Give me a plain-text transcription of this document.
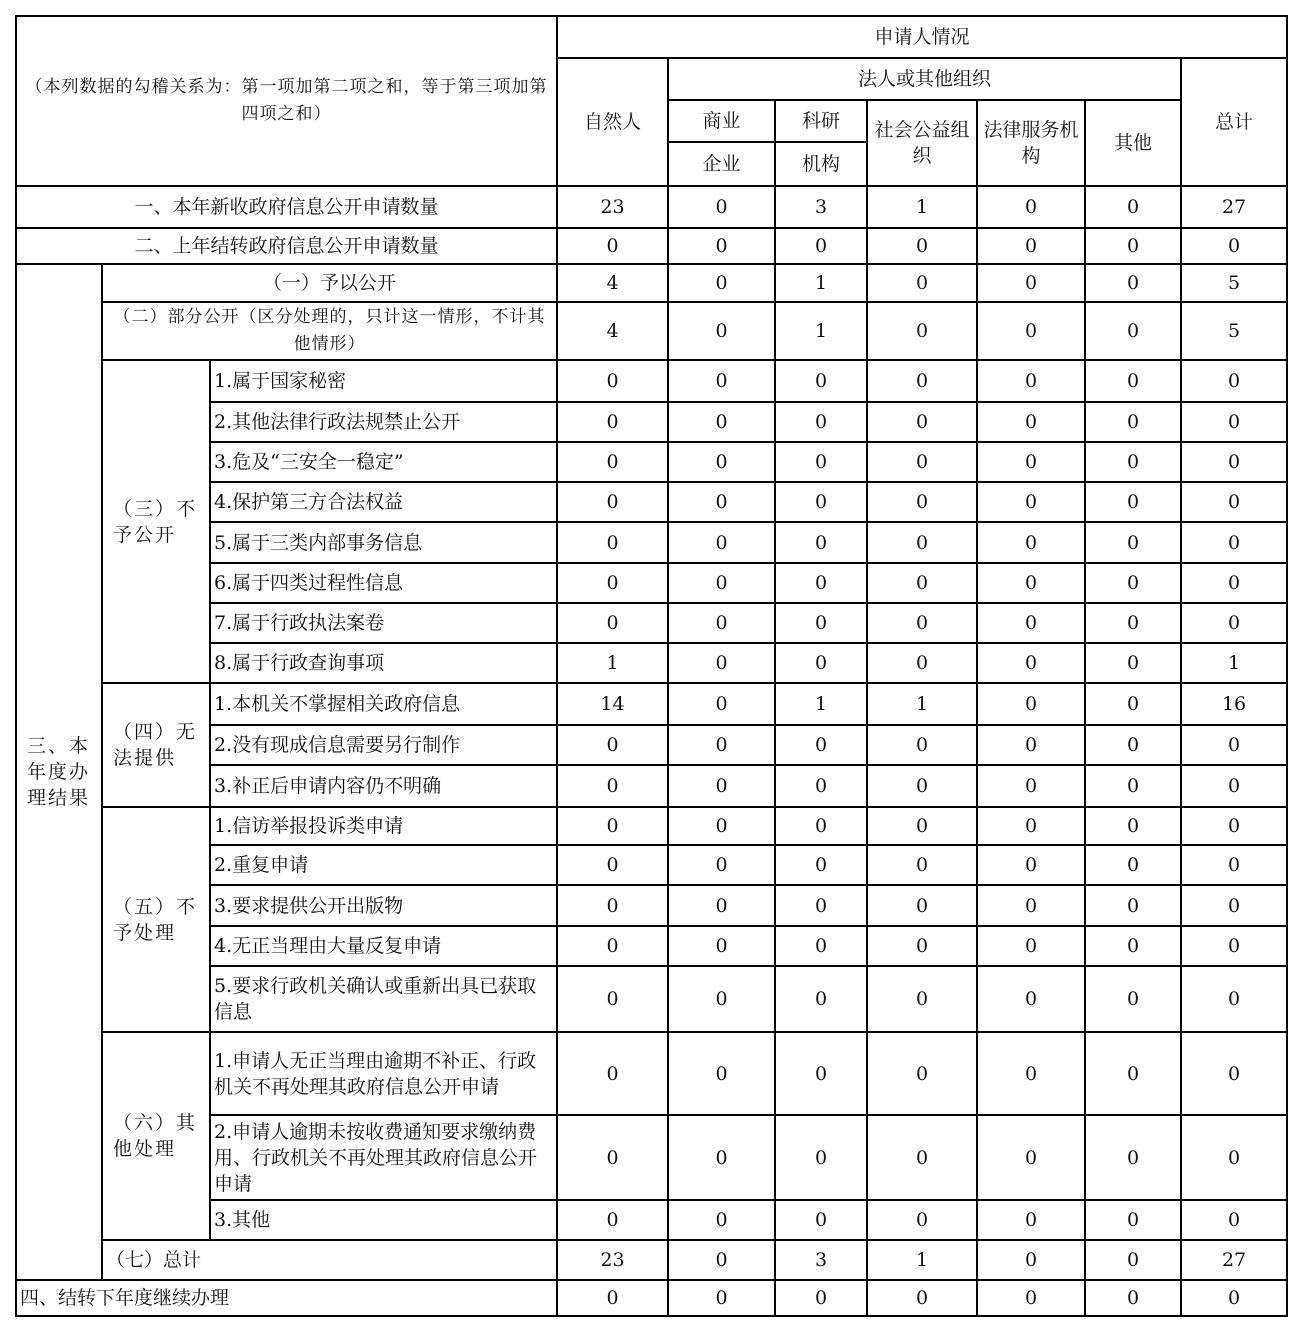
（本列数据的勾稽关系为：第一项加第二项之和，等于第三项加第四项之和）			申请人情况						
			自然人	法人或其他组织					总计
				商业	科研	社会公益组织	法律服务机构	其他	
				企业	机构				
一、本年新收政府信息公开申请数量			23	0	3	1	0	0	27
二、上年结转政府信息公开申请数量			0	0	0	0	0	0	0
三、本年度办理结果	（一）予以公开		4	0	1	0	0	0	5
	（二）部分公开（区分处理的，只计这一情形，不计其他情形）		4	0	1	0	0	0	5
	（三）不予公开	1.属于国家秘密	0	0	0	0	0	0	0
		2.其他法律行政法规禁止公开	0	0	0	0	0	0	0
		3.危及“三安全一稳定”	0	0	0	0	0	0	0
		4.保护第三方合法权益	0	0	0	0	0	0	0
		5.属于三类内部事务信息	0	0	0	0	0	0	0
		6.属于四类过程性信息	0	0	0	0	0	0	0
		7.属于行政执法案卷	0	0	0	0	0	0	0
		8.属于行政查询事项	1	0	0	0	0	0	1
	（四）无法提供	1.本机关不掌握相关政府信息	14	0	1	1	0	0	16
		2.没有现成信息需要另行制作	0	0	0	0	0	0	0
		3.补正后申请内容仍不明确	0	0	0	0	0	0	0
	（五）不予处理	1.信访举报投诉类申请	0	0	0	0	0	0	0
		2.重复申请	0	0	0	0	0	0	0
		3.要求提供公开出版物	0	0	0	0	0	0	0
		4.无正当理由大量反复申请	0	0	0	0	0	0	0
		5.要求行政机关确认或重新出具已获取信息	0	0	0	0	0	0	0
	（六）其他处理	1.申请人无正当理由逾期不补正、行政机关不再处理其政府信息公开申请	0	0	0	0	0	0	0
		2.申请人逾期未按收费通知要求缴纳费用、行政机关不再处理其政府信息公开申请	0	0	0	0	0	0	0
		3.其他	0	0	0	0	0	0	0
	（七）总计		23	0	3	1	0	0	27
四、结转下年度继续办理			0	0	0	0	0	0	0
